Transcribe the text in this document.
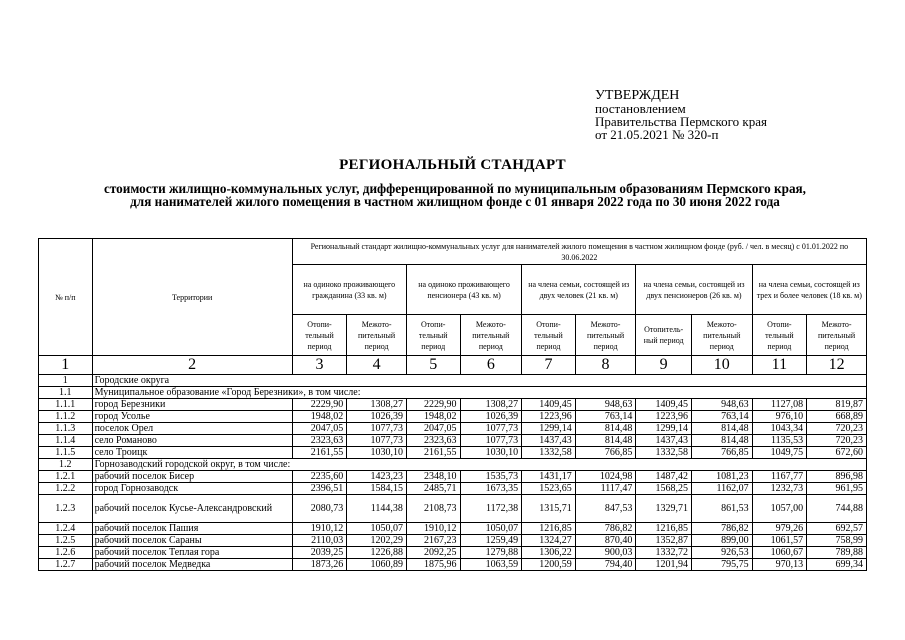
УТВЕРЖДЕН
постановлением
Правительства Пермского края
от 21.05.2021 № 320-п
РЕГИОНАЛЬНЫЙ СТАНДАРТ
стоимости жилищно-коммунальных услуг, дифференцированной по муниципальным образованиям Пермского края, для нанимателей жилого помещения в частном жилищном фонде с 01 января 2022 года по 30 июня 2022 года
№ п/п	Территории	Региональный стандарт жилищно-коммунальных услуг для нанимателей жилого помещения в частном жилищном фонде (руб. / чел. в месяц) с 01.01.2022 по 30.06.2022									
		на одиноко проживающего гражданина (33 кв. м)		на одиноко проживающего пенсионера (43 кв. м)		на члена семьи, состоящей из двух человек (21 кв. м)		на члена семьи, состоящей из двух пенсионеров (26 кв. м)		на члена семьи, состоящей из трех и более человек (18 кв. м)	
		Отопи-тельный период	Межото-пительный период	Отопи-тельный период	Межото-пительный период	Отопи-тельный период	Межото-пительный период	Отопитель-ный период	Межото-пительный период	Отопи-тельный период	Межото-пительный период
1	2	3	4	5	6	7	8	9	10	11	12
1	Городские округа										
1.1	Муниципальное образование «Город Березники», в том числе:										
1.1.1	город Березники	2229,90	1308,27	2229,90	1308,27	1409,45	948,63	1409,45	948,63	1127,08	819,87
1.1.2	город Усолье	1948,02	1026,39	1948,02	1026,39	1223,96	763,14	1223,96	763,14	976,10	668,89
1.1.3	поселок Орел	2047,05	1077,73	2047,05	1077,73	1299,14	814,48	1299,14	814,48	1043,34	720,23
1.1.4	село Романово	2323,63	1077,73	2323,63	1077,73	1437,43	814,48	1437,43	814,48	1135,53	720,23
1.1.5	село Троицк	2161,55	1030,10	2161,55	1030,10	1332,58	766,85	1332,58	766,85	1049,75	672,60
1.2	Горнозаводский городской округ, в том числе:										
1.2.1	рабочий поселок Бисер	2235,60	1423,23	2348,10	1535,73	1431,17	1024,98	1487,42	1081,23	1167,77	896,98
1.2.2	город Горнозаводск	2396,51	1584,15	2485,71	1673,35	1523,65	1117,47	1568,25	1162,07	1232,73	961,95
1.2.3	рабочий поселок Кусье-Александровский	2080,73	1144,38	2108,73	1172,38	1315,71	847,53	1329,71	861,53	1057,00	744,88
1.2.4	рабочий поселок Пашия	1910,12	1050,07	1910,12	1050,07	1216,85	786,82	1216,85	786,82	979,26	692,57
1.2.5	рабочий поселок Сараны	2110,03	1202,29	2167,23	1259,49	1324,27	870,40	1352,87	899,00	1061,57	758,99
1.2.6	рабочий поселок Теплая гора	2039,25	1226,88	2092,25	1279,88	1306,22	900,03	1332,72	926,53	1060,67	789,88
1.2.7	рабочий поселок Медведка	1873,26	1060,89	1875,96	1063,59	1200,59	794,40	1201,94	795,75	970,13	699,34
